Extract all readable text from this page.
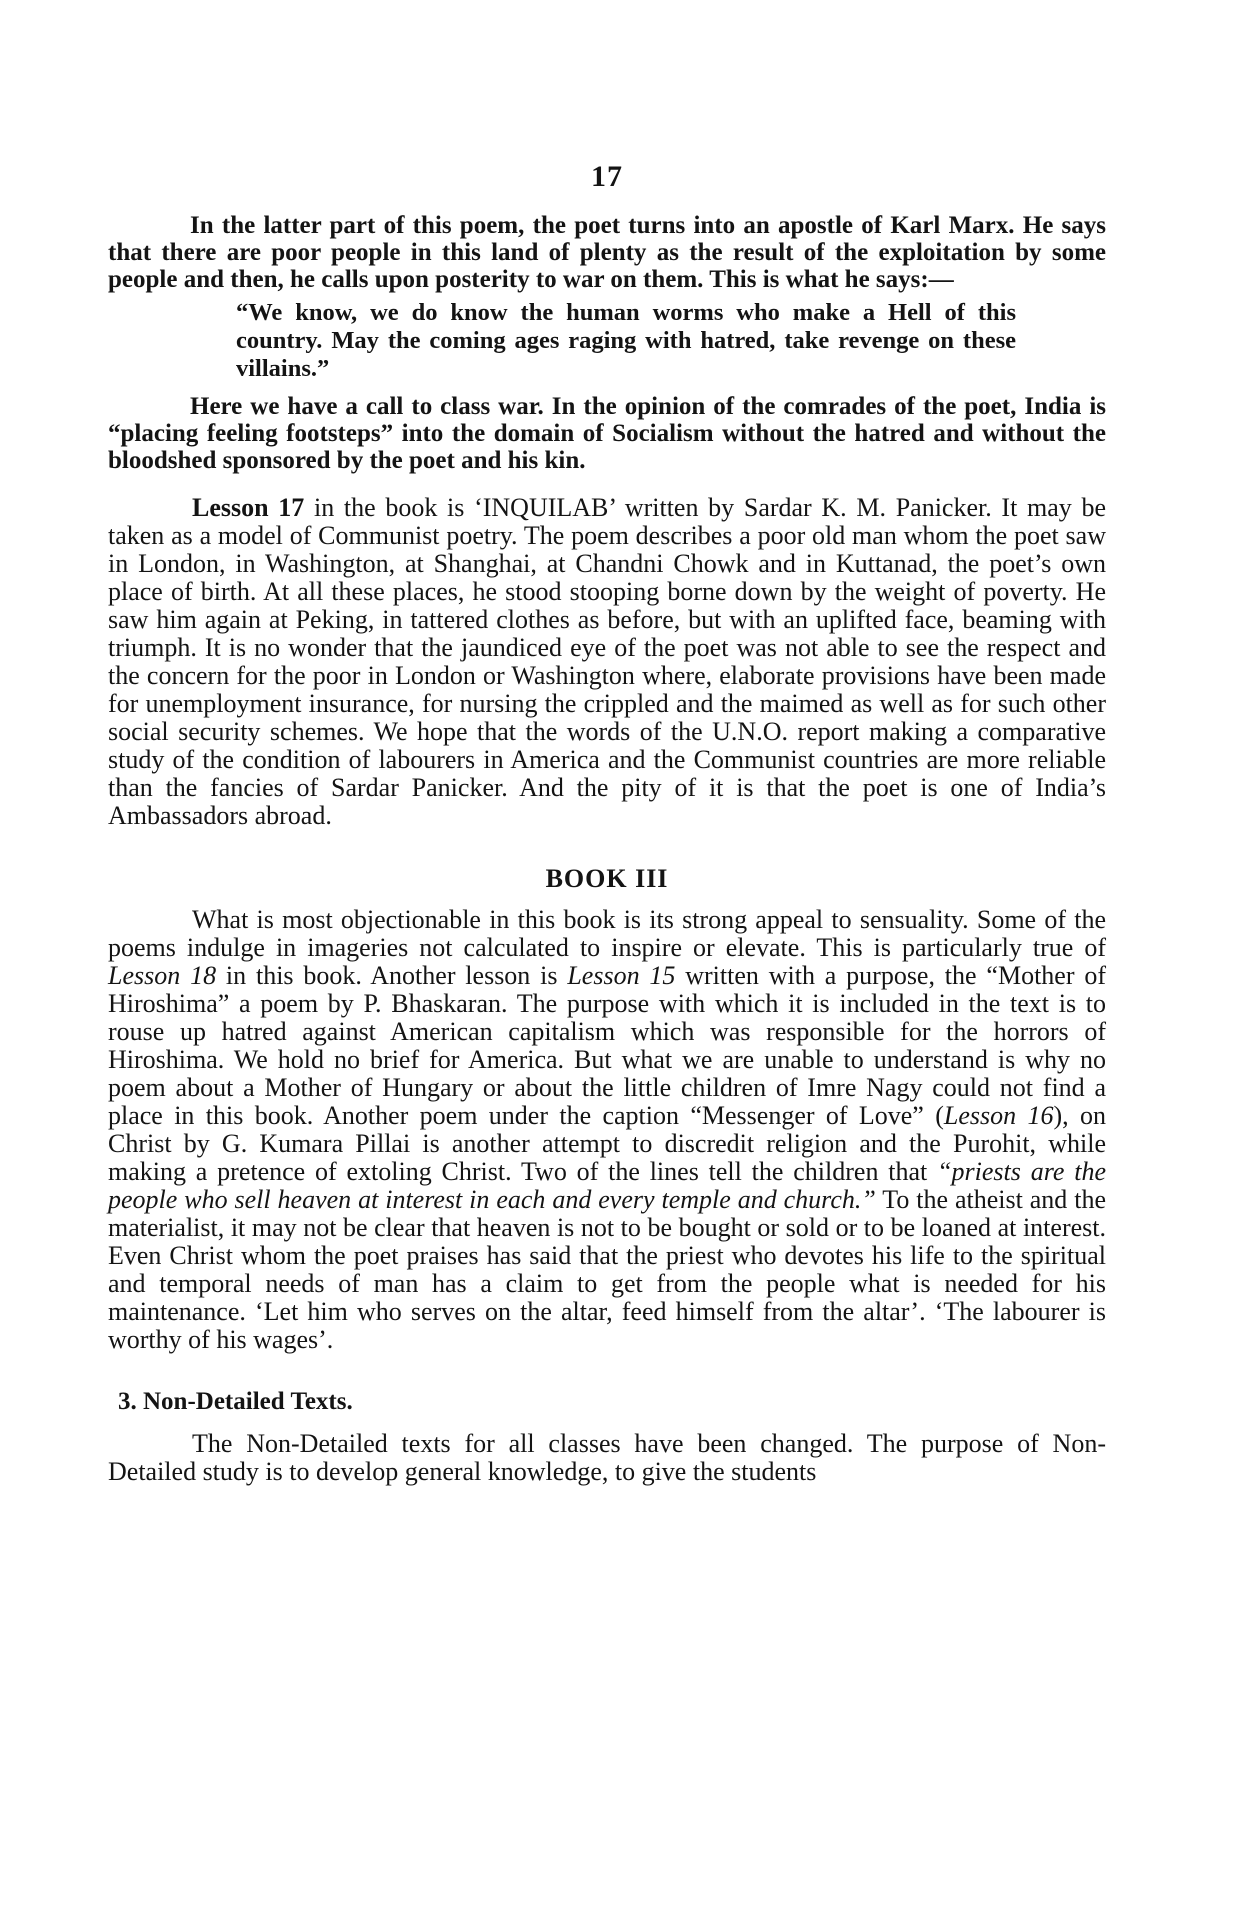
17

In the latter part of this poem, the poet turns into an apostle of Karl Marx. He says that there are poor people in this land of plenty as the result of the exploitation by some people and then, he calls upon posterity to war on them. This is what he says:—

“We know, we do know the human worms who make a Hell of this country. May the coming ages raging with hatred, take revenge on these villains.”

Here we have a call to class war. In the opinion of the comrades of the poet, India is “placing feeling footsteps” into the domain of Socialism without the hatred and without the bloodshed sponsored by the poet and his kin.

Lesson 17 in the book is ‘INQUILAB’ written by Sardar K. M. Panicker. It may be taken as a model of Communist poetry. The poem describes a poor old man whom the poet saw in London, in Washington, at Shanghai, at Chandni Chowk and in Kuttanad, the poet’s own place of birth. At all these places, he stood stooping borne down by the weight of poverty. He saw him again at Peking, in tattered clothes as before, but with an uplifted face, beaming with triumph. It is no wonder that the jaundiced eye of the poet was not able to see the respect and the concern for the poor in London or Washington where, elaborate provisions have been made for unemployment insurance, for nursing the crippled and the maimed as well as for such other social security schemes. We hope that the words of the U.N.O. report making a comparative study of the condition of labourers in America and the Communist countries are more reliable than the fancies of Sardar Panicker. And the pity of it is that the poet is one of India’s Ambassadors abroad.

BOOK III

What is most objectionable in this book is its strong appeal to sensuality. Some of the poems indulge in imageries not calculated to inspire or elevate. This is particularly true of Lesson 18 in this book. Another lesson is Lesson 15 written with a purpose, the “Mother of Hiroshima” a poem by P. Bhaskaran. The purpose with which it is included in the text is to rouse up hatred against American capitalism which was responsible for the horrors of Hiroshima. We hold no brief for America. But what we are unable to understand is why no poem about a Mother of Hungary or about the little children of Imre Nagy could not find a place in this book. Another poem under the caption “Messenger of Love” (Lesson 16), on Christ by G. Kumara Pillai is another attempt to discredit religion and the Purohit, while making a pretence of extoling Christ. Two of the lines tell the children that “priests are the people who sell heaven at interest in each and every temple and church.” To the atheist and the materialist, it may not be clear that heaven is not to be bought or sold or to be loaned at interest. Even Christ whom the poet praises has said that the priest who devotes his life to the spiritual and temporal needs of man has a claim to get from the people what is needed for his maintenance. ‘Let him who serves on the altar, feed himself from the altar’. ‘The labourer is worthy of his wages’.

3. Non-Detailed Texts.

The Non-Detailed texts for all classes have been changed. The purpose of Non-Detailed study is to develop general knowledge, to give the students
